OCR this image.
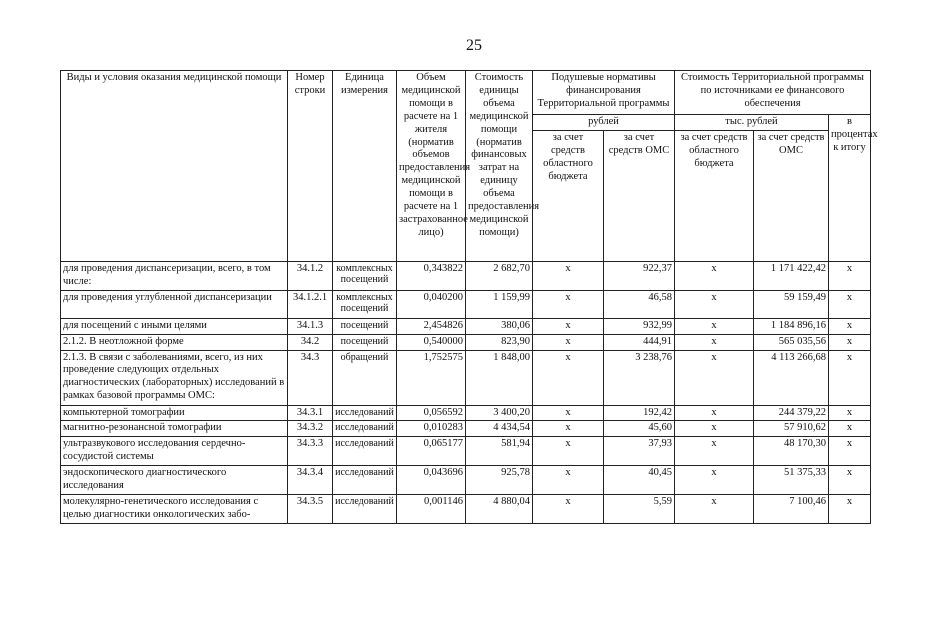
25
Виды и условия оказания медицинской помощи	Номер строки	Единица измерения	Объем медицинской помощи в расчете на 1 жителя (норматив объемов предоставления медицинской помощи в расчете на 1 застрахованное лицо)	Стоимость единицы объема медицинской помощи (норматив финансовых затрат на единицу объема предоставления медицинской помощи)	Подушевые нормативы финансирования Территориальной программы		Стоимость Территориальной программы по источниками ее финансового обеспечения		

					рублей		тыс. рублей		в процентах к итогу
					за счет средств областного бюджета	за счет средств ОМС	за счет средств областного бюджета	за счет средств ОМС	
для проведения диспансеризации, всего, в том числе:	34.1.2	комплексных посещений	0,343822	2 682,70	x	922,37	x	1 171 422,42	x
для проведения углубленной диспансеризации	34.1.2.1	комплексных посещений	0,040200	1 159,99	x	46,58	x	59 159,49	x
для посещений с иными целями	34.1.3	посещений	2,454826	380,06	x	932,99	x	1 184 896,16	x
2.1.2. В неотложной форме	34.2	посещений	0,540000	823,90	x	444,91	x	565 035,56	x
2.1.3. В связи с заболеваниями, всего, из них проведение следующих отдельных диагностических (лабораторных) исследований в рамках базовой программы ОМС:	34.3	обращений	1,752575	1 848,00	x	3 238,76	x	4 113 266,68	x
компьютерной томографии	34.3.1	исследований	0,056592	3 400,20	x	192,42	x	244 379,22	x
магнитно-резонансной томографии	34.3.2	исследований	0,010283	4 434,54	x	45,60	x	57 910,62	x
ультразвукового исследования сердечно-сосудистой системы	34.3.3	исследований	0,065177	581,94	x	37,93	x	48 170,30	x
эндоскопического диагностического исследования	34.3.4	исследований	0,043696	925,78	x	40,45	x	51 375,33	x
молекулярно-генетического исследования с целью диагностики онкологических забо-	34.3.5	исследований	0,001146	4 880,04	x	5,59	x	7 100,46	x
